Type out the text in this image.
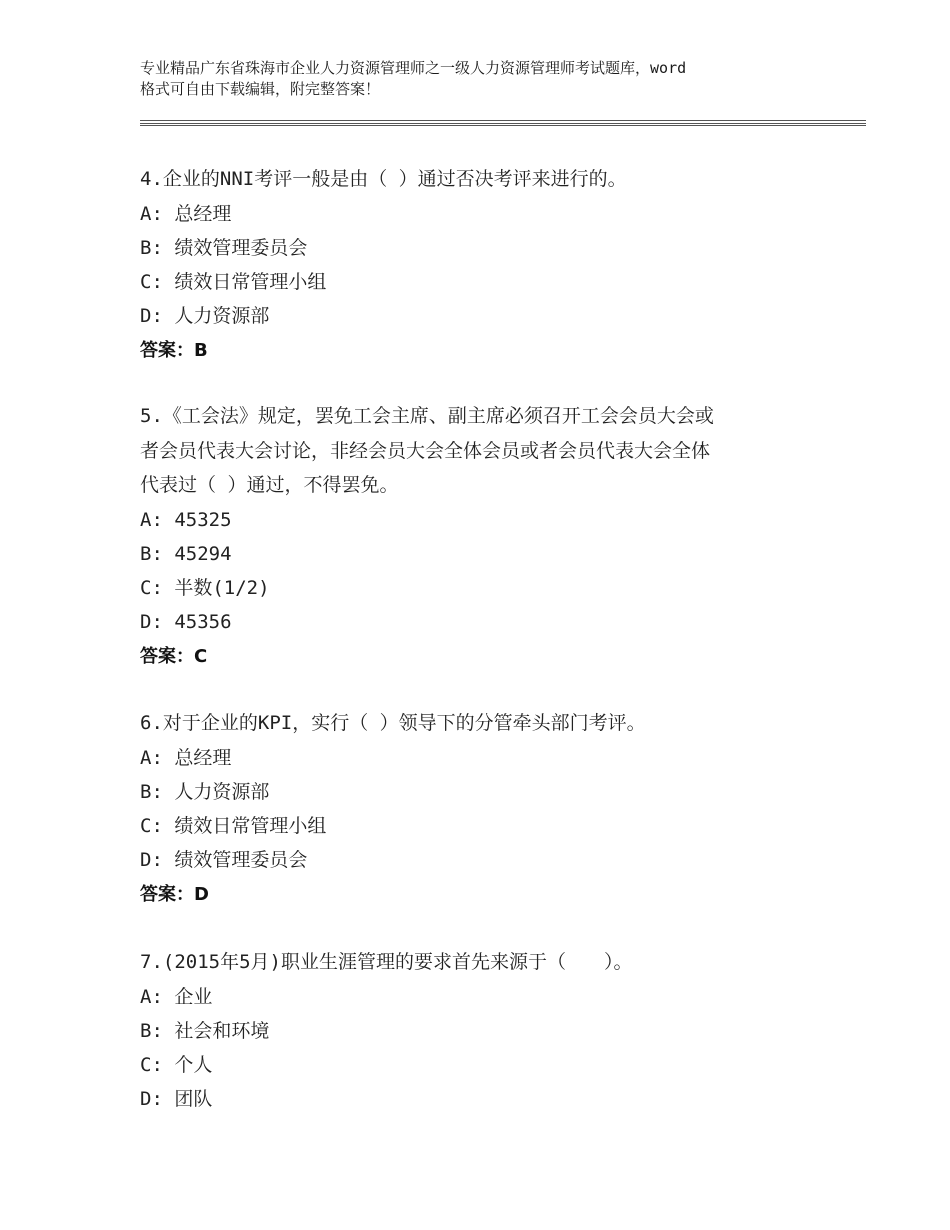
专业精品广东省珠海市企业人力资源管理师之一级人力资源管理师考试题库，word
格式可自由下载编辑，附完整答案！
4.企业的NNI考评一般是由（ ）通过否决考评来进行的。
A: 总经理
B: 绩效管理委员会
C: 绩效日常管理小组
D: 人力资源部
答案：B
5.《工会法》规定，罢免工会主席、副主席必须召开工会会员大会或
者会员代表大会讨论，非经会员大会全体会员或者会员代表大会全体
代表过（ ）通过，不得罢免。
A: 45325
B: 45294
C: 半数(1/2)
D: 45356
答案：C
6.对于企业的KPI，实行（ ）领导下的分管牵头部门考评。
A: 总经理
B: 人力资源部
C: 绩效日常管理小组
D: 绩效管理委员会
答案：D
7.(2015年5月)职业生涯管理的要求首先来源于（　　）。
A: 企业
B: 社会和环境
C: 个人
D: 团队
